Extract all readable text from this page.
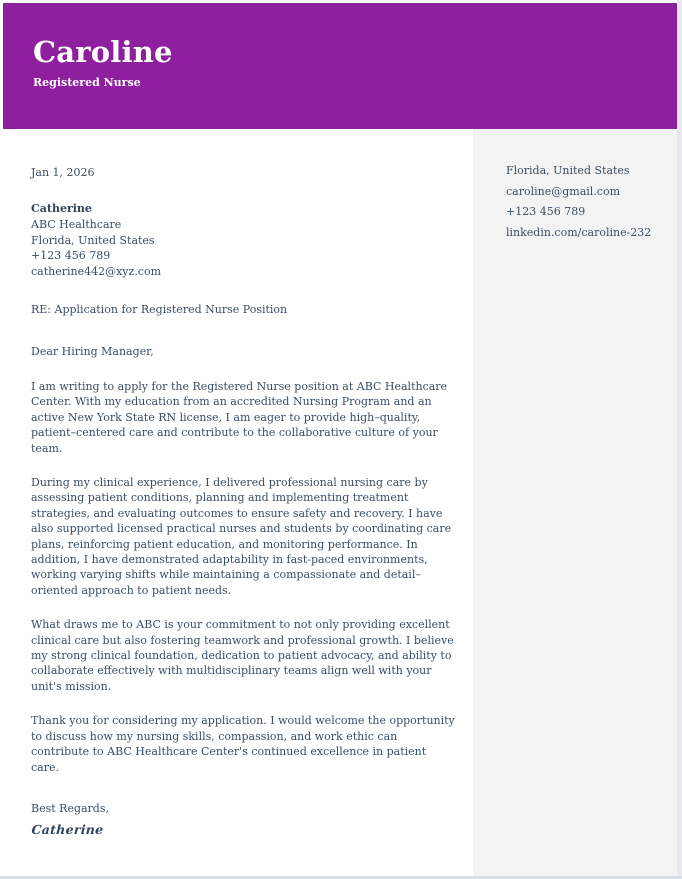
Caroline
Registered Nurse
Jan 1, 2026
Catherine
ABC Healthcare
Florida, United States
+123 456 789
catherine442@xyz.com
RE: Application for Registered Nurse Position
Dear Hiring Manager,

I am writing to apply for the Registered Nurse position at ABC Healthcare Center. With my education from an accredited Nursing Program and an active New York State RN license, I am eager to provide high–quality, patient–centered care and contribute to the collaborative culture of your team.

During my clinical experience, I delivered professional nursing care by assessing patient conditions, planning and implementing treatment strategies, and evaluating outcomes to ensure safety and recovery. I have also supported licensed practical nurses and students by coordinating care plans, reinforcing patient education, and monitoring performance. In addition, I have demonstrated adaptability in fast-paced environments, working varying shifts while maintaining a compassionate and detail–oriented approach to patient needs.

What draws me to ABC is your commitment to not only providing excellent clinical care but also fostering teamwork and professional growth. I believe my strong clinical foundation, dedication to patient advocacy, and ability to collaborate effectively with multidisciplinary teams align well with your unit's mission.

Thank you for considering my application. I would welcome the opportunity to discuss how my nursing skills, compassion, and work ethic can contribute to ABC Healthcare Center's continued excellence in patient care.

Best Regards,
Catherine
Florida, United States
caroline@gmail.com
+123 456 789
linkedin.com/caroline-232
